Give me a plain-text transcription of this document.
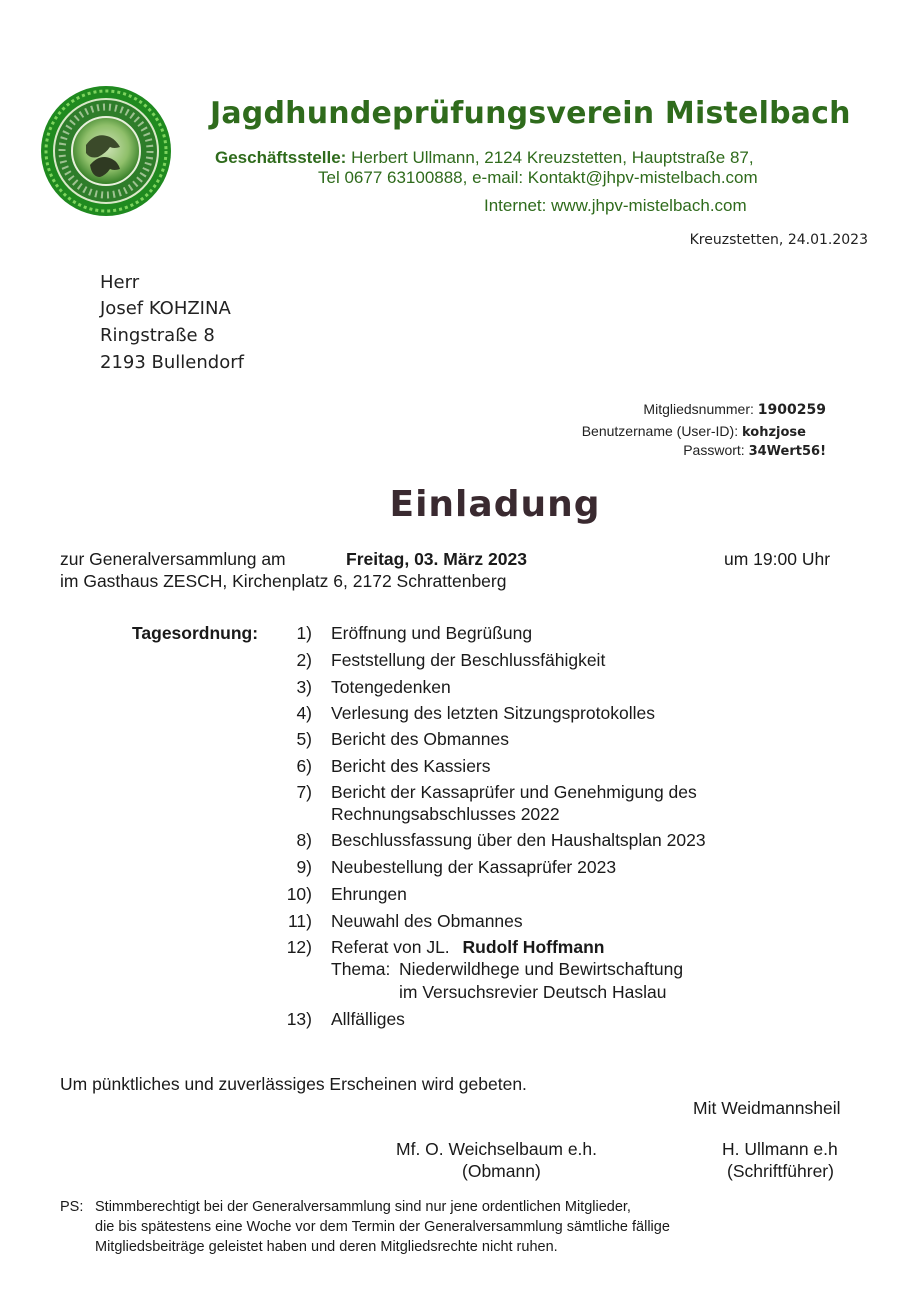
Jagdhundeprüfungsverein Mistelbach
Geschäftsstelle: Herbert Ullmann, 2124 Kreuzstetten, Hauptstraße 87,
Tel 0677 63100888, e-mail: Kontakt@jhpv-mistelbach.com
Internet: www.jhpv-mistelbach.com
Kreuzstetten, 24.01.2023
Herr
Josef KOHZINA
Ringstraße 8
2193 Bullendorf
Mitgliedsnummer: 1900259
Benutzername (User-ID): kohzjose
Passwort: 34Wert56!
Einladung
zur Generalversammlung am	Freitag, 03. März 2023	um 19:00 Uhr
im Gasthaus ZESCH, Kirchenplatz 6, 2172 Schrattenberg
Tagesordnung:	1) Eröffnung und Begrüßung
2) Feststellung der Beschlussfähigkeit
3) Totengedenken
4) Verlesung des letzten Sitzungsprotokolles
5) Bericht des Obmannes
6) Bericht des Kassiers
7) Bericht der Kassaprüfer und Genehmigung des
Rechnungsabschlusses 2022
8) Beschlussfassung über den Haushaltsplan 2023
9) Neubestellung der Kassaprüfer 2023
10) Ehrungen
11) Neuwahl des Obmannes
12) Referat von JL. Rudolf Hoffmann
Thema: Niederwildhege und Bewirtschaftung
im Versuchsrevier Deutsch Haslau
13) Allfälliges
Um pünktliches und zuverlässiges Erscheinen wird gebeten.
Mit Weidmannsheil
Mf. O. Weichselbaum e.h.
(Obmann)
H. Ullmann e.h
(Schriftführer)
PS: Stimmberechtigt bei der Generalversammlung sind nur jene ordentlichen Mitglieder,
die bis spätestens eine Woche vor dem Termin der Generalversammlung sämtliche fällige
Mitgliedsbeiträge geleistet haben und deren Mitgliedsrechte nicht ruhen.
